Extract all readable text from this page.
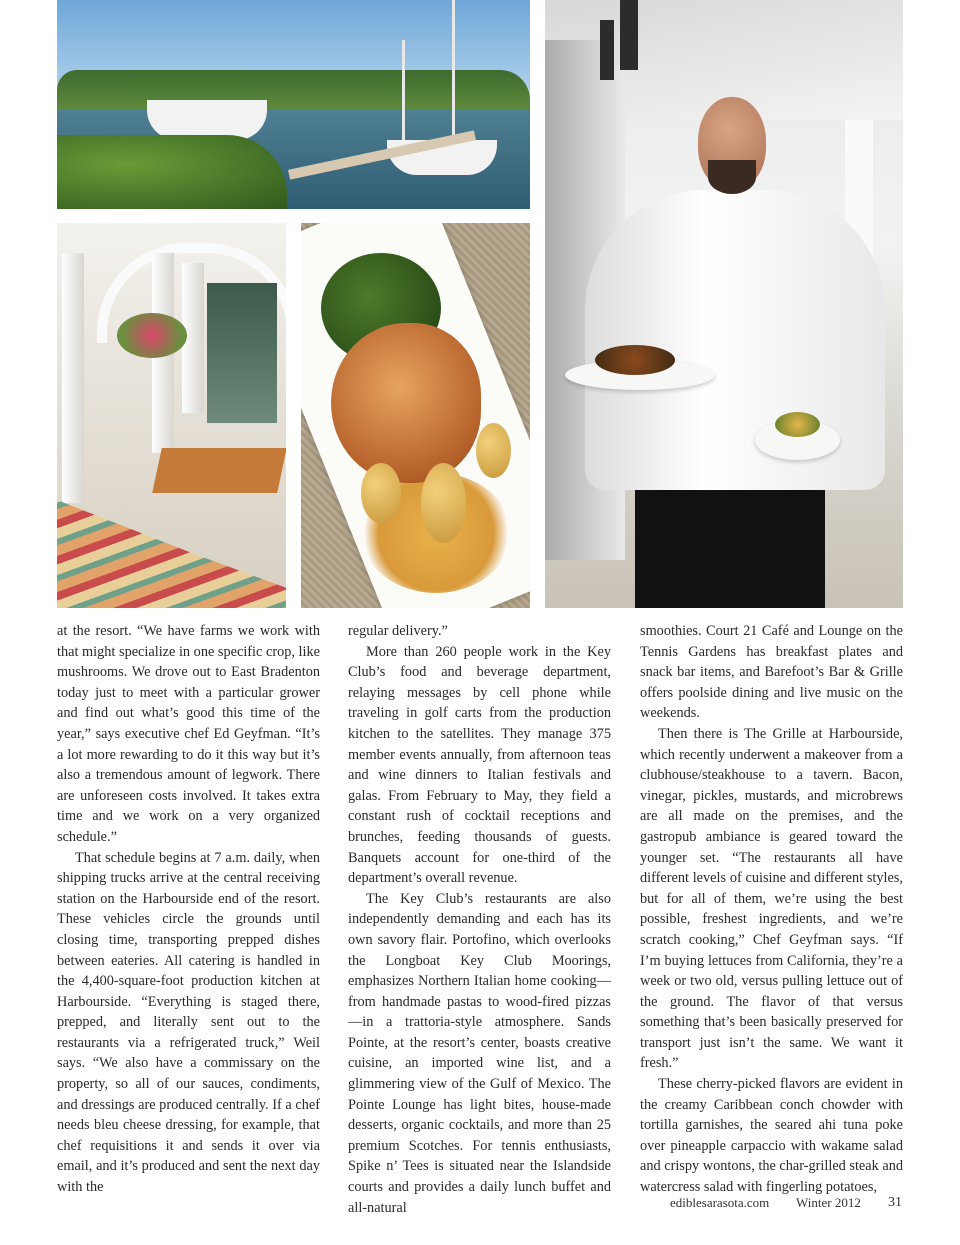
at the resort. “We have farms we work with that might specialize in one specific crop, like mushrooms. We drove out to East Bradenton today just to meet with a particular grower and find out what’s good this time of the year,” says executive chef Ed Geyfman. “It’s a lot more rewarding to do it this way but it’s also a tremendous amount of legwork. There are unforeseen costs involved. It takes extra time and we work on a very organized schedule.”

That schedule begins at 7 a.m. daily, when shipping trucks arrive at the central receiving station on the Harbourside end of the resort. These vehicles circle the grounds until closing time, transporting prepped dishes between eateries. All catering is handled in the 4,400-square-foot production kitchen at Harbourside. “Everything is staged there, prepped, and literally sent out to the restaurants via a refrigerated truck,” Weil says. “We also have a commissary on the property, so all of our sauces, condiments, and dressings are produced centrally. If a chef needs bleu cheese dressing, for example, that chef requisitions it and sends it over via email, and it’s produced and sent the next day with the

regular delivery.”

More than 260 people work in the Key Club’s food and beverage department, relaying messages by cell phone while traveling in golf carts from the production kitchen to the satellites. They manage 375 member events annually, from afternoon teas and wine dinners to Italian festivals and galas. From February to May, they field a constant rush of cocktail receptions and brunches, feeding thousands of guests. Banquets account for one-third of the department’s overall revenue.

The Key Club’s restaurants are also independently demanding and each has its own savory flair. Portofino, which overlooks the Longboat Key Club Moorings, emphasizes Northern Italian home cooking—from handmade pastas to wood-fired pizzas—in a trattoria-style atmosphere. Sands Pointe, at the resort’s center, boasts creative cuisine, an imported wine list, and a glimmering view of the Gulf of Mexico. The Pointe Lounge has light bites, house-made desserts, organic cocktails, and more than 25 premium Scotches. For tennis enthusiasts, Spike n’ Tees is situated near the Islandside courts and provides a daily lunch buffet and all-natural

smoothies. Court 21 Café and Lounge on the Tennis Gardens has breakfast plates and snack bar items, and Barefoot’s Bar & Grille offers poolside dining and live music on the weekends.

Then there is The Grille at Harbourside, which recently underwent a makeover from a clubhouse/steakhouse to a tavern. Bacon, vinegar, pickles, mustards, and microbrews are all made on the premises, and the gastropub ambiance is geared toward the younger set. “The restaurants all have different levels of cuisine and different styles, but for all of them, we’re using the best possible, freshest ingredients, and we’re scratch cooking,” Chef Geyfman says. “If I’m buying lettuces from California, they’re a week or two old, versus pulling lettuce out of the ground. The flavor of that versus something that’s been basically preserved for transport just isn’t the same. We want it fresh.”

These cherry-picked flavors are evident in the creamy Caribbean conch chowder with tortilla garnishes, the seared ahi tuna poke over pineapple carpaccio with wakame salad and crispy wontons, the char-grilled steak and watercress salad with fingerling potatoes,

ediblesarasota.com Winter 2012 31
